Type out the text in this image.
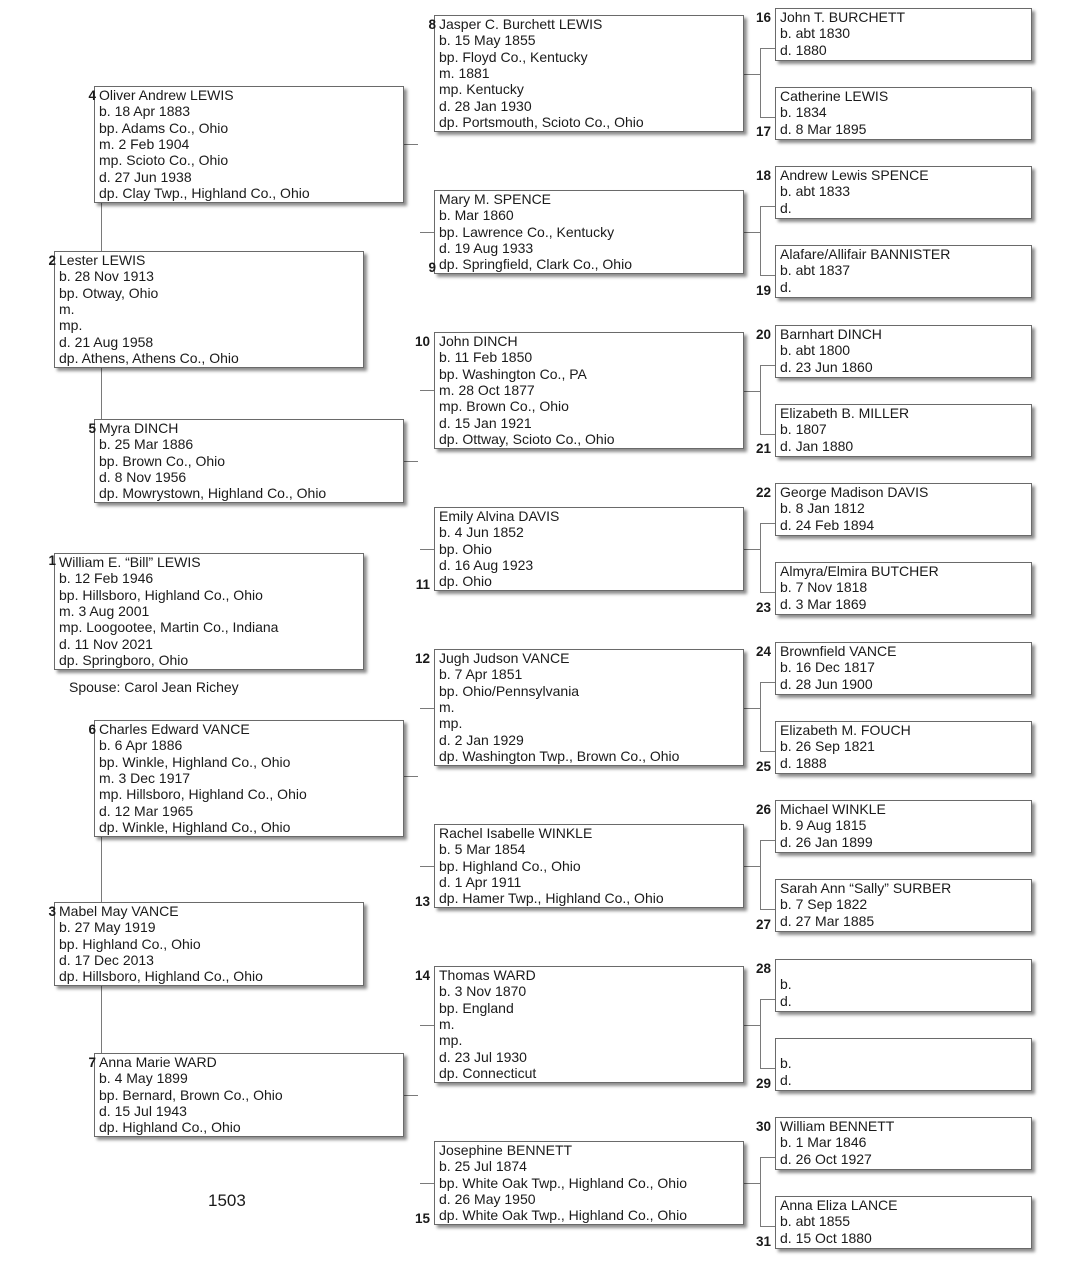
William E. “Bill” LEWIS
b. 12 Feb 1946
bp. Hillsboro, Highland Co., Ohio
m. 3 Aug 2001
mp. Loogootee, Martin Co., Indiana
d. 11 Nov 2021
dp. Springboro, Ohio
1
Lester LEWIS
b. 28 Nov 1913
bp. Otway, Ohio
m.
mp.
d. 21 Aug 1958
dp. Athens, Athens Co., Ohio
2
Mabel May VANCE
b. 27 May 1919
bp. Highland Co., Ohio
d. 17 Dec 2013
dp. Hillsboro, Highland Co., Ohio
3
Oliver Andrew LEWIS
b. 18 Apr 1883
bp. Adams Co., Ohio
m. 2 Feb 1904
mp. Scioto Co., Ohio
d. 27 Jun 1938
dp. Clay Twp., Highland Co., Ohio
4
Myra DINCH
b. 25 Mar 1886
bp. Brown Co., Ohio
d. 8 Nov 1956
dp. Mowrystown, Highland Co., Ohio
5
Charles Edward VANCE
b. 6 Apr 1886
bp. Winkle, Highland Co., Ohio
m. 3 Dec 1917
mp. Hillsboro, Highland Co., Ohio
d. 12 Mar 1965
dp. Winkle, Highland Co., Ohio
6
Anna Marie WARD
b. 4 May 1899
bp. Bernard, Brown Co., Ohio
d. 15 Jul 1943
dp. Highland Co., Ohio
7
Jasper C. Burchett LEWIS
b. 15 May 1855
bp. Floyd Co., Kentucky
m. 1881
mp. Kentucky
d. 28 Jan 1930
dp. Portsmouth, Scioto Co., Ohio
8
Mary M. SPENCE
b. Mar 1860
bp. Lawrence Co., Kentucky
d. 19 Aug 1933
dp. Springfield, Clark Co., Ohio
9
John DINCH
b. 11 Feb 1850
bp. Washington Co., PA
m. 28 Oct 1877
mp. Brown Co., Ohio
d. 15 Jan 1921
dp. Ottway, Scioto Co., Ohio
10
Emily Alvina DAVIS
b. 4 Jun 1852
bp. Ohio
d. 16 Aug 1923
dp. Ohio
11
Jugh Judson VANCE
b. 7 Apr 1851
bp. Ohio/Pennsylvania
m.
mp.
d. 2 Jan 1929
dp. Washington Twp., Brown Co., Ohio
12
Rachel Isabelle WINKLE
b. 5 Mar 1854
bp. Highland Co., Ohio
d. 1 Apr 1911
dp. Hamer Twp., Highland Co., Ohio
13
Thomas WARD
b. 3 Nov 1870
bp. England
m.
mp.
d. 23 Jul 1930
dp. Connecticut
14
Josephine BENNETT
b. 25 Jul 1874
bp. White Oak Twp., Highland Co., Ohio
d. 26 May 1950
dp. White Oak Twp., Highland Co., Ohio
15
John T. BURCHETT
b. abt 1830
d. 1880
16
Catherine LEWIS
b. 1834
d. 8 Mar 1895
17
Andrew Lewis SPENCE
b. abt 1833
d.
18
Alafare/Allifair BANNISTER
b. abt 1837
d.
19
Barnhart DINCH
b. abt 1800
d. 23 Jun 1860
20
Elizabeth B. MILLER
b. 1807
d. Jan 1880
21
George Madison DAVIS
b. 8 Jan 1812
d. 24 Feb 1894
22
Almyra/Elmira BUTCHER
b. 7 Nov 1818
d. 3 Mar 1869
23
Brownfield VANCE
b. 16 Dec 1817
d. 28 Jun 1900
24
Elizabeth M. FOUCH
b. 26 Sep 1821
d. 1888
25
Michael WINKLE
b. 9 Aug 1815
d. 26 Jan 1899
26
Sarah Ann “Sally” SURBER
b. 7 Sep 1822
d. 27 Mar 1885
27
b.
d.
28
b.
d.
29
William BENNETT
b. 1 Mar 1846
d. 26 Oct 1927
30
Anna Eliza LANCE
b. abt 1855
d. 15 Oct 1880
31
Spouse: Carol Jean Richey
1503
